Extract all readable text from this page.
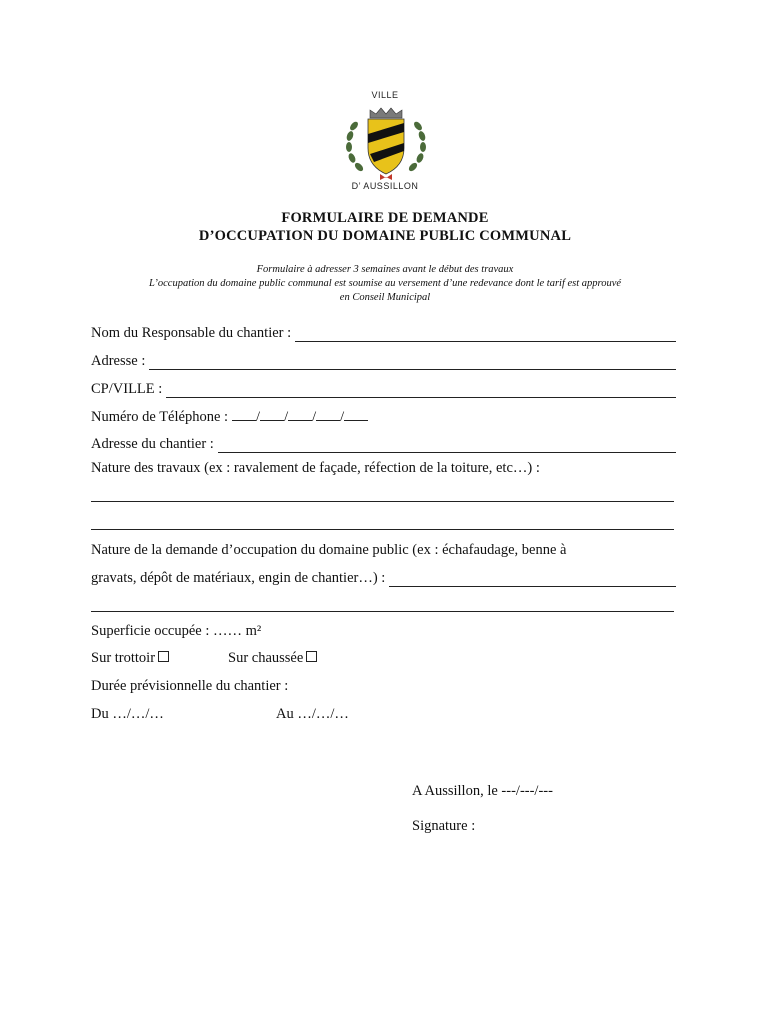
VILLE
D’ AUSSILLON
FORMULAIRE DE DEMANDE
D’OCCUPATION DU DOMAINE PUBLIC COMMUNAL
Formulaire à adresser 3 semaines avant le début des travaux
L’occupation du domaine public communal est soumise au versement d’une redevance dont le tarif est approuvé
en Conseil Municipal
Nom du Responsable du chantier :
Adresse :
CP/VILLE :
Numéro de Téléphone :	/ / / /
Adresse du chantier :
Nature des travaux (ex : ravalement de façade, réfection de la toiture, etc…) :
Nature de la demande d’occupation du domaine public (ex : échafaudage, benne à
gravats, dépôt de matériaux, engin de chantier…) :
Superficie occupée : …… m²
Sur trottoir	Sur chaussée
Durée prévisionnelle du chantier :
Du …/…/…	Au …/…/…
A Aussillon, le ---/---/---
Signature :
